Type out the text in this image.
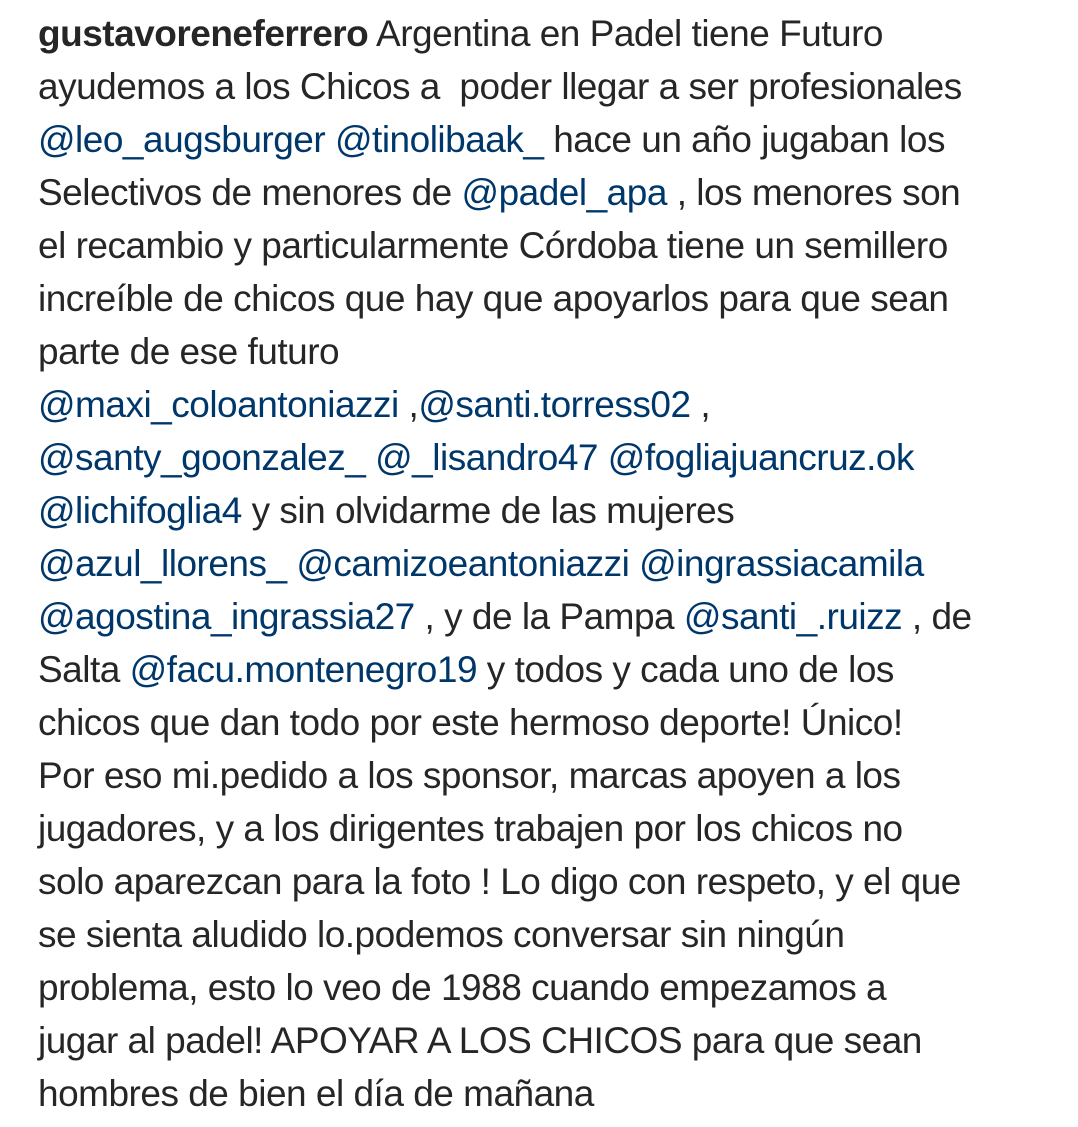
gustavoreneferrero Argentina en Padel tiene Futuro
ayudemos a los Chicos a  poder llegar a ser profesionales
@leo_augsburger @tinolibaak_ hace un año jugaban los
Selectivos de menores de @padel_apa , los menores son
el recambio y particularmente Córdoba tiene un semillero
increíble de chicos que hay que apoyarlos para que sean
parte de ese futuro
@maxi_coloantoniazzi ,@santi.torress02 ,
@santy_goonzalez_ @_lisandro47 @fogliajuancruz.ok
@lichifoglia4 y sin olvidarme de las mujeres
@azul_llorens_ @camizoeantoniazzi @ingrassiacamila
@agostina_ingrassia27 , y de la Pampa @santi_.ruizz , de
Salta @facu.montenegro19 y todos y cada uno de los
chicos que dan todo por este hermoso deporte! Único!
Por eso mi.pedido a los sponsor, marcas apoyen a los
jugadores, y a los dirigentes trabajen por los chicos no
solo aparezcan para la foto ! Lo digo con respeto, y el que
se sienta aludido lo.podemos conversar sin ningún
problema, esto lo veo de 1988 cuando empezamos a
jugar al padel! APOYAR A LOS CHICOS para que sean
hombres de bien el día de mañana
